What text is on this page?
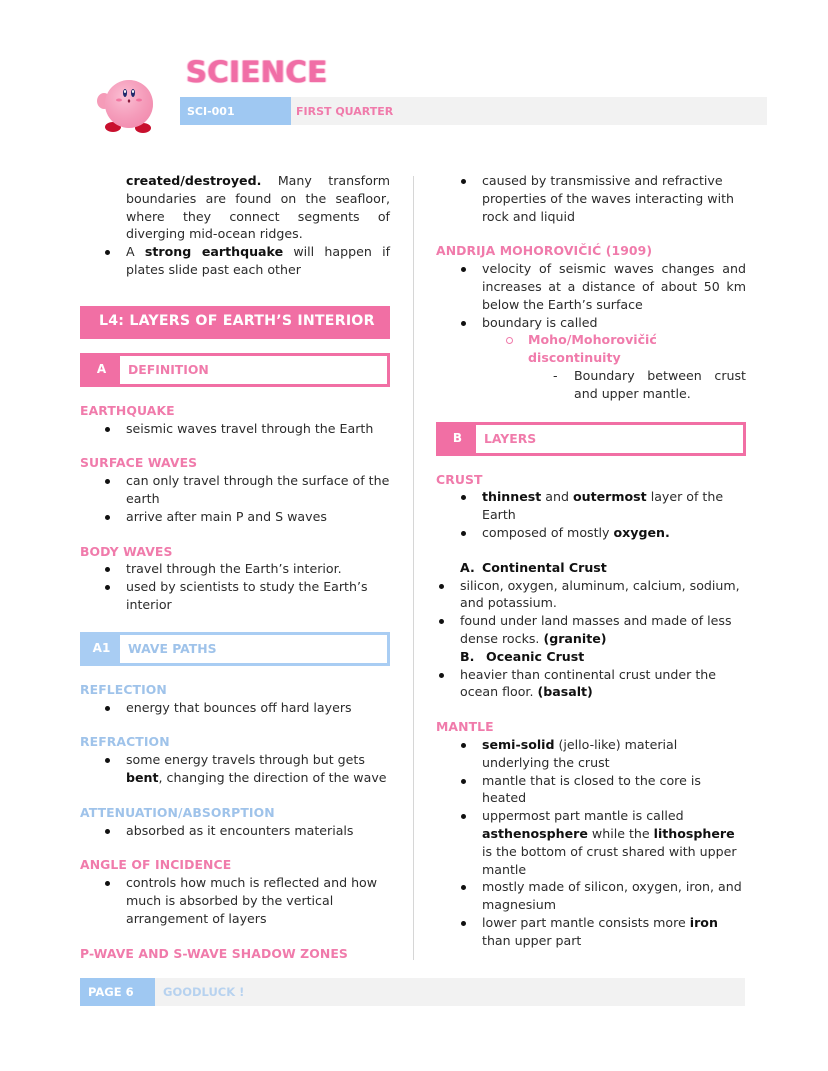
SCIENCE
SCI-001	FIRST QUARTER
created/destroyed. Many transform boundaries are found on the seafloor, where they connect segments of diverging mid-ocean ridges.
A strong earthquake will happen if plates slide past each other
L4: LAYERS OF EARTH’S INTERIOR
A	DEFINITION
EARTHQUAKE
seismic waves travel through the Earth
SURFACE WAVES
can only travel through the surface of the earth
arrive after main P and S waves
BODY WAVES
travel through the Earth’s interior.
used by scientists to study the Earth’s interior
A1	WAVE PATHS
REFLECTION
energy that bounces off hard layers
REFRACTION
some energy travels through but gets bent, changing the direction of the wave
ATTENUATION/ABSORPTION
absorbed as it encounters materials
ANGLE OF INCIDENCE
controls how much is reflected and how much is absorbed by the vertical arrangement of layers
P-WAVE AND S-WAVE SHADOW ZONES
caused by transmissive and refractive properties of the waves interacting with rock and liquid
ANDRIJA MOHOROVIČIĆ (1909)
velocity of seismic waves changes and increases at a distance of about 50 km below the Earth’s surface
boundary is called
Moho/Mohorovičić discontinuity
- Boundary between crust and upper mantle.
B	LAYERS
CRUST
thinnest and outermost layer of the Earth
composed of mostly oxygen.
A. Continental Crust
silicon, oxygen, aluminum, calcium, sodium, and potassium.
found under land masses and made of less dense rocks. (granite)
B. Oceanic Crust
heavier than continental crust under the ocean floor. (basalt)
MANTLE
semi-solid (jello-like) material underlying the crust
mantle that is closed to the core is heated
uppermost part mantle is called asthenosphere while the lithosphere is the bottom of crust shared with upper mantle
mostly made of silicon, oxygen, iron, and magnesium
lower part mantle consists more iron than upper part
PAGE 6	GOODLUCK !
